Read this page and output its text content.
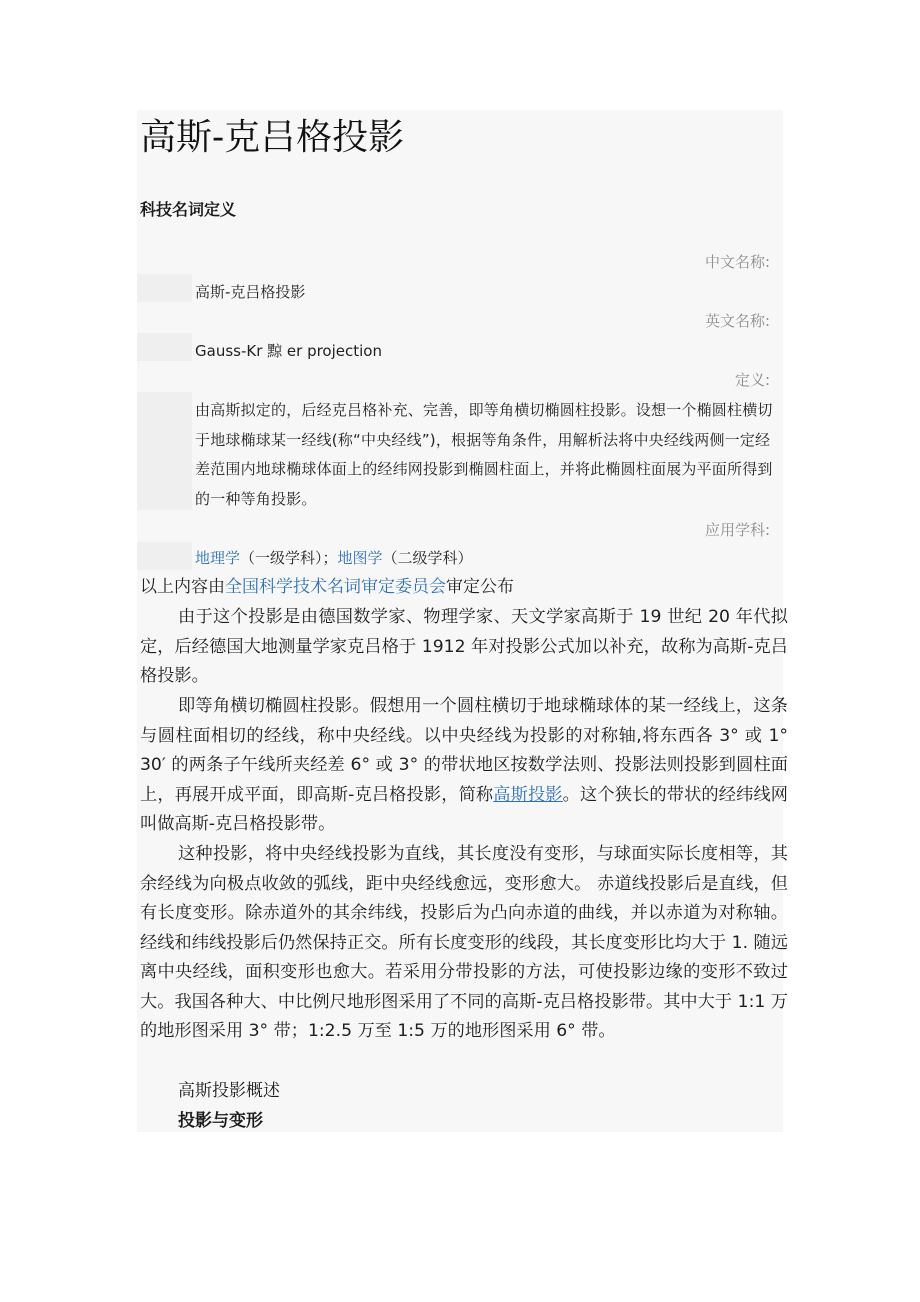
高斯-克吕格投影
科技名词定义
中文名称:
高斯-克吕格投影
英文名称:
Gauss-Kr 黥 er projection
定义:
由高斯拟定的，后经克吕格补充、完善，即等角横切椭圆柱投影。设想一个椭圆柱横切于地球椭球某一经线(称“中央经线”)，根据等角条件，用解析法将中央经线两侧一定经差范围内地球椭球体面上的经纬网投影到椭圆柱面上，并将此椭圆柱面展为平面所得到的一种等角投影。
应用学科:
地理学（一级学科）；地图学（二级学科）
以上内容由全国科学技术名词审定委员会审定公布
由于这个投影是由德国数学家、物理学家、天文学家高斯于 19 世纪 20 年代拟定，后经德国大地测量学家克吕格于 1912 年对投影公式加以补充，故称为高斯-克吕格投影。
即等角横切椭圆柱投影。假想用一个圆柱横切于地球椭球体的某一经线上，这条与圆柱面相切的经线，称中央经线。以中央经线为投影的对称轴,将东西各 3° 或 1° 30′ 的两条子午线所夹经差 6° 或 3° 的带状地区按数学法则、投影法则投影到圆柱面上，再展开成平面，即高斯-克吕格投影，简称高斯投影。这个狭长的带状的经纬线网叫做高斯-克吕格投影带。
这种投影，将中央经线投影为直线，其长度没有变形，与球面实际长度相等，其余经线为向极点收敛的弧线，距中央经线愈远，变形愈大。 赤道线投影后是直线，但有长度变形。除赤道外的其余纬线，投影后为凸向赤道的曲线，并以赤道为对称轴。经线和纬线投影后仍然保持正交。所有长度变形的线段，其长度变形比均大于 1. 随远离中央经线，面积变形也愈大。若采用分带投影的方法，可使投影边缘的变形不致过大。我国各种大、中比例尺地形图采用了不同的高斯-克吕格投影带。其中大于 1:1 万的地形图采用 3° 带；1:2.5 万至 1:5 万的地形图采用 6° 带。
高斯投影概述
投影与变形
